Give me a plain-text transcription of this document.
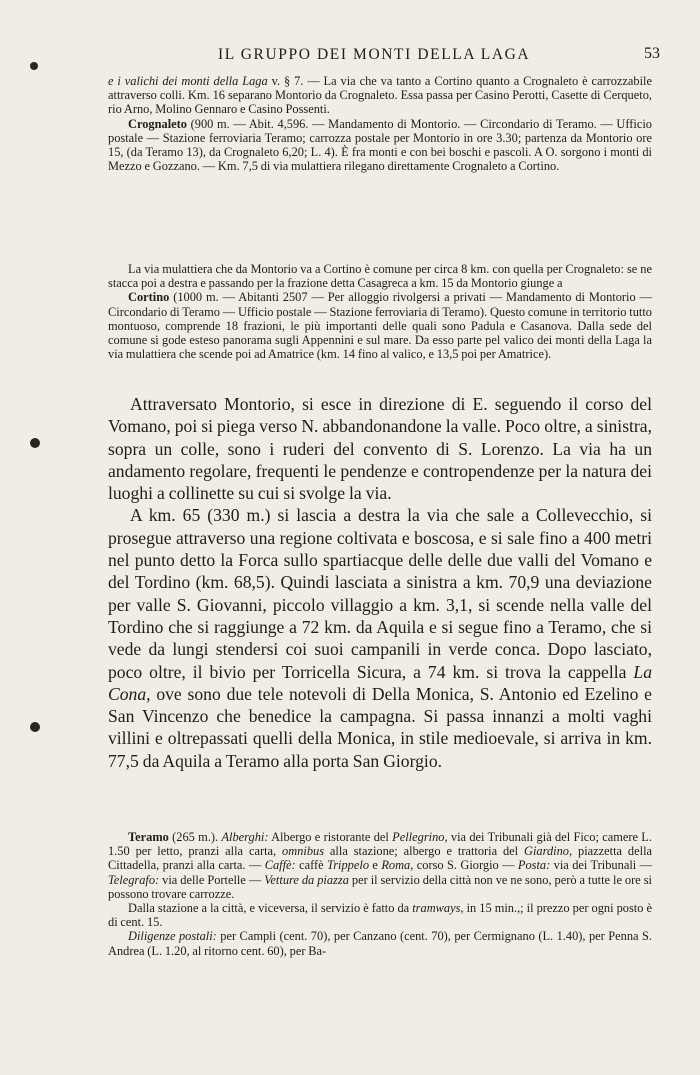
IL GRUPPO DEI MONTI DELLA LAGA	53

e i valichi dei monti della Laga v. § 7. — La via che va tanto a Cortino quanto a Crognaleto è carrozzabile attraverso colli. Km. 16 separano Montorio da Crognaleto. Essa passa per Casino Perotti, Casette di Cerqueto, rio Arno, Molino Gennaro e Casino Possenti.

Crognaleto (900 m. — Abit. 4,596. — Mandamento di Montorio. — Circondario di Teramo. — Ufficio postale — Stazione ferroviaria Teramo; carrozza postale per Montorio in ore 3.30; partenza da Montorio ore 15, (da Teramo 13), da Crognaleto 6,20; L. 4). È fra monti e con bei boschi e pascoli. A O. sorgono i monti di Mezzo e Gozzano. — Km. 7,5 di via mulattiera rilegano direttamente Crognaleto a Cortino.

La via mulattiera che da Montorio va a Cortino è comune per circa 8 km. con quella per Crognaleto: se ne stacca poi a destra e passando per la frazione detta Casagreca a km. 15 da Montorio giunge a

Cortino (1000 m. — Abitanti 2507 — Per alloggio rivolgersi a privati — Mandamento di Montorio — Circondario di Teramo — Ufficio postale — Stazione ferroviaria di Teramo). Questo comune in territorio tutto montuoso, comprende 18 frazioni, le più importanti delle quali sono Padula e Casanova. Dalla sede del comune si gode esteso panorama sugli Appennini e sul mare. Da esso parte pel valico dei monti della Laga la via mulattiera che scende poi ad Amatrice (km. 14 fino al valico, e 13,5 poi per Amatrice).

Attraversato Montorio, si esce in direzione di E. seguendo il corso del Vomano, poi si piega verso N. abbandonandone la valle. Poco oltre, a sinistra, sopra un colle, sono i ruderi del convento di S. Lorenzo. La via ha un andamento regolare, frequenti le pendenze e contropendenze per la natura dei luoghi a collinette su cui si svolge la via.

A km. 65 (330 m.) si lascia a destra la via che sale a Collevecchio, si prosegue attraverso una regione coltivata e boscosa, e si sale fino a 400 metri nel punto detto la Forca sullo spartiacque delle delle due valli del Vomano e del Tordino (km. 68,5). Quindi lasciata a sinistra a km. 70,9 una deviazione per valle S. Giovanni, piccolo villaggio a km. 3,1, si scende nella valle del Tordino che si raggiunge a 72 km. da Aquila e si segue fino a Teramo, che si vede da lungi stendersi coi suoi campanili in verde conca. Dopo lasciato, poco oltre, il bivio per Torricella Sicura, a 74 km. si trova la cappella La Cona, ove sono due tele notevoli di Della Monica, S. Antonio ed Ezelino e San Vincenzo che benedice la campagna. Si passa innanzi a molti vaghi villini e oltrepassati quelli della Monica, in stile medioevale, si arriva in km. 77,5 da Aquila a Teramo alla porta San Giorgio.

Teramo (265 m.). Alberghi: Albergo e ristorante del Pellegrino, via dei Tribunali già del Fico; camere L. 1.50 per letto, pranzi alla carta, omnibus alla stazione; albergo e trattoria del Giardino, piazzetta della Cittadella, pranzi alla carta. — Caffè: caffè Trippelo e Roma, corso S. Giorgio — Posta: via dei Tribunali — Telegrafo: via delle Portelle — Vetture da piazza per il servizio della città non ve ne sono, però a tutte le ore si possono trovare carrozze.

Dalla stazione a la città, e viceversa, il servizio è fatto da tramways, in 15 min.,; il prezzo per ogni posto è di cent. 15.

Diligenze postali: per Campli (cent. 70), per Canzano (cent. 70), per Cermignano (L. 1.40), per Penna S. Andrea (L. 1.20, al ritorno cent. 60), per Ba-
